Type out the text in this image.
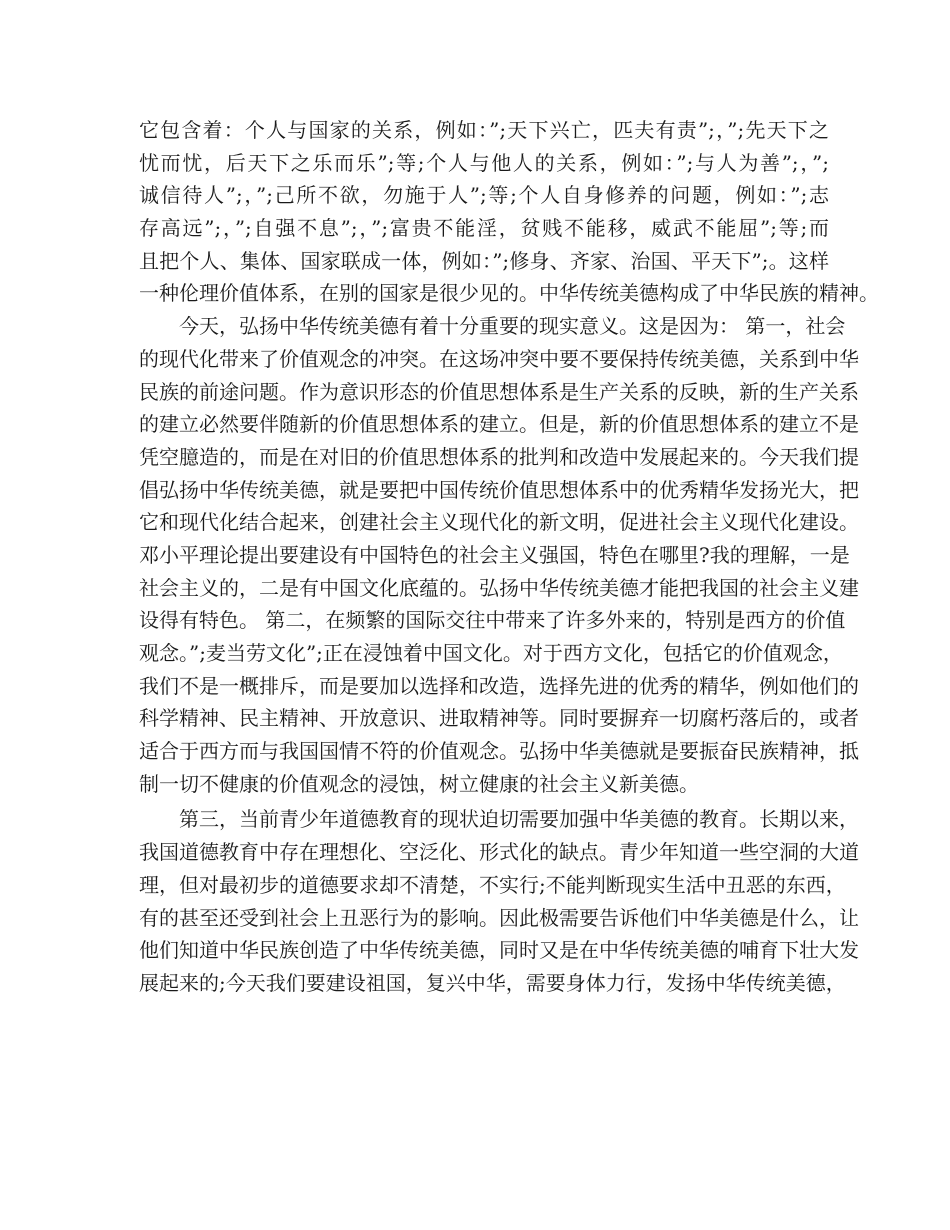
它包含着：个人与国家的关系，例如：”;天下兴亡，匹夫有责”;，”;先天下之
忧而忧，后天下之乐而乐”;等;个人与他人的关系，例如：”;与人为善”;，”;
诚信待人”;，”;己所不欲，勿施于人”;等;个人自身修养的问题，例如：”;志
存高远”;，”;自强不息”;，”;富贵不能淫，贫贱不能移，威武不能屈”;等;而
且把个人、集体、国家联成一体，例如：”;修身、齐家、治国、平天下”;。这样
一种伦理价值体系，在别的国家是很少见的。中华传统美德构成了中华民族的精神。
今天，弘扬中华传统美德有着十分重要的现实意义。这是因为： 第一，社会
的现代化带来了价值观念的冲突。在这场冲突中要不要保持传统美德，关系到中华
民族的前途问题。作为意识形态的价值思想体系是生产关系的反映，新的生产关系
的建立必然要伴随新的价值思想体系的建立。但是，新的价值思想体系的建立不是
凭空臆造的，而是在对旧的价值思想体系的批判和改造中发展起来的。今天我们提
倡弘扬中华传统美德，就是要把中国传统价值思想体系中的优秀精华发扬光大，把
它和现代化结合起来，创建社会主义现代化的新文明，促进社会主义现代化建设。
邓小平理论提出要建设有中国特色的社会主义强国，特色在哪里?我的理解，一是
社会主义的，二是有中国文化底蕴的。弘扬中华传统美德才能把我国的社会主义建
设得有特色。 第二，在频繁的国际交往中带来了许多外来的，特别是西方的价值
观念。”;麦当劳文化”;正在浸蚀着中国文化。对于西方文化，包括它的价值观念，
我们不是一概排斥，而是要加以选择和改造，选择先进的优秀的精华，例如他们的
科学精神、民主精神、开放意识、进取精神等。同时要摒弃一切腐朽落后的，或者
适合于西方而与我国国情不符的价值观念。弘扬中华美德就是要振奋民族精神，抵
制一切不健康的价值观念的浸蚀，树立健康的社会主义新美德。
第三，当前青少年道德教育的现状迫切需要加强中华美德的教育。长期以来，
我国道德教育中存在理想化、空泛化、形式化的缺点。青少年知道一些空洞的大道
理，但对最初步的道德要求却不清楚，不实行;不能判断现实生活中丑恶的东西，
有的甚至还受到社会上丑恶行为的影响。因此极需要告诉他们中华美德是什么，让
他们知道中华民族创造了中华传统美德，同时又是在中华传统美德的哺育下壮大发
展起来的;今天我们要建设祖国，复兴中华，需要身体力行，发扬中华传统美德，
